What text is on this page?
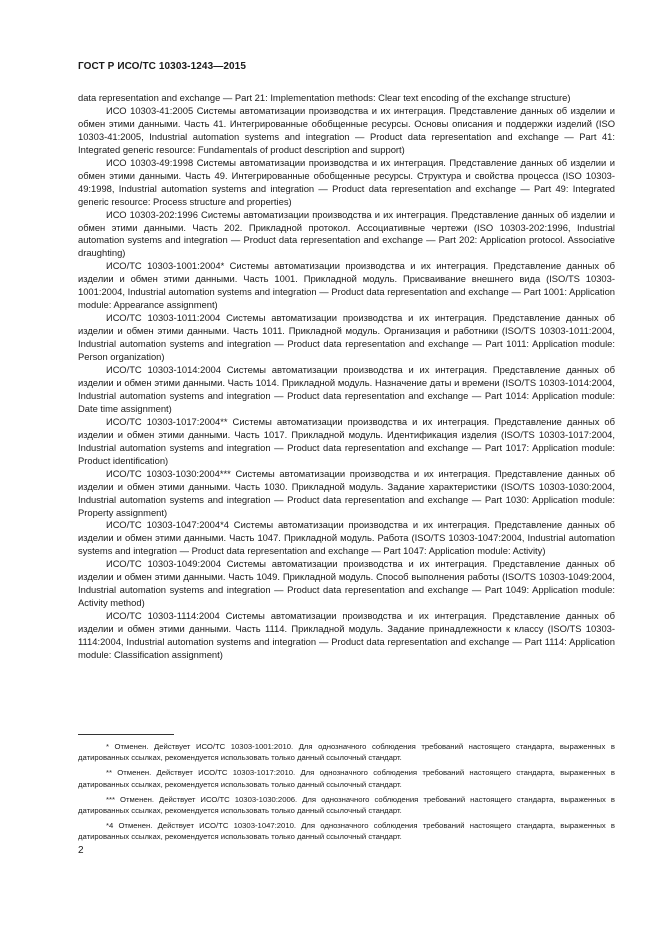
ГОСТ Р ИСО/ТС 10303-1243—2015

data representation and exchange — Part 21: Implementation methods: Clear text encoding of the exchange structure)

ИСО 10303-41:2005 Системы автоматизации производства и их интеграция. Представление данных об изделии и обмен этими данными. Часть 41. Интегрированные обобщенные ресурсы. Основы описания и поддержки изделий (ISO 10303-41:2005, Industrial automation systems and integration — Product data representation and exchange — Part 41: Integrated generic resource: Fundamentals of product description and support)

ИСО 10303-49:1998 Системы автоматизации производства и их интеграция. Представление данных об изделии и обмен этими данными. Часть 49. Интегрированные обобщенные ресурсы. Структура и свойства процесса (ISO 10303-49:1998, Industrial automation systems and integration — Product data representation and exchange — Part 49: Integrated generic resource: Process structure and properties)

ИСО 10303-202:1996 Системы автоматизации производства и их интеграция. Представление данных об изделии и обмен этими данными. Часть 202. Прикладной протокол. Ассоциативные чертежи (ISO 10303-202:1996, Industrial automation systems and integration — Product data representation and exchange — Part 202: Application protocol. Associative draughting)

ИСО/ТС 10303-1001:2004* Системы автоматизации производства и их интеграция. Представление данных об изделии и обмен этими данными. Часть 1001. Прикладной модуль. Присваивание внешнего вида (ISO/TS 10303-1001:2004, Industrial automation systems and integration — Product data representation and exchange — Part 1001: Application module: Appearance assignment)

ИСО/ТС 10303-1011:2004 Системы автоматизации производства и их интеграция. Представление данных об изделии и обмен этими данными. Часть 1011. Прикладной модуль. Организация и работники (ISO/TS 10303-1011:2004, Industrial automation systems and integration — Product data representation and exchange — Part 1011: Application module: Person organization)

ИСО/ТС 10303-1014:2004 Системы автоматизации производства и их интеграция. Представление данных об изделии и обмен этими данными. Часть 1014. Прикладной модуль. Назначение даты и времени (ISO/TS 10303-1014:2004, Industrial automation systems and integration — Product data representation and exchange — Part 1014: Application module: Date time assignment)

ИСО/ТС 10303-1017:2004** Системы автоматизации производства и их интеграция. Представление данных об изделии и обмен этими данными. Часть 1017. Прикладной модуль. Идентификация изделия (ISO/TS 10303-1017:2004, Industrial automation systems and integration — Product data representation and exchange — Part 1017: Application module: Product identification)

ИСО/ТС 10303-1030:2004*** Системы автоматизации производства и их интеграция. Представление данных об изделии и обмен этими данными. Часть 1030. Прикладной модуль. Задание характеристики (ISO/TS 10303-1030:2004, Industrial automation systems and integration — Product data representation and exchange — Part 1030: Application module: Property assignment)

ИСО/ТС 10303-1047:2004*4 Системы автоматизации производства и их интеграция. Представление данных об изделии и обмен этими данными. Часть 1047. Прикладной модуль. Работа (ISO/TS 10303-1047:2004, Industrial automation systems and integration — Product data representation and exchange — Part 1047: Application module: Activity)

ИСО/ТС 10303-1049:2004 Системы автоматизации производства и их интеграция. Представление данных об изделии и обмен этими данными. Часть 1049. Прикладной модуль. Способ выполнения работы (ISO/TS 10303-1049:2004, Industrial automation systems and integration — Product data representation and exchange — Part 1049: Application module: Activity method)

ИСО/ТС 10303-1114:2004 Системы автоматизации производства и их интеграция. Представление данных об изделии и обмен этими данными. Часть 1114. Прикладной модуль. Задание принадлежности к классу (ISO/TS 10303-1114:2004, Industrial automation systems and integration — Product data representation and exchange — Part 1114: Application module: Classification assignment)

* Отменен. Действует ИСО/ТС 10303-1001:2010. Для однозначного соблюдения требований настоящего стандарта, выраженных в датированных ссылках, рекомендуется использовать только данный ссылочный стандарт.

** Отменен. Действует ИСО/ТС 10303-1017:2010. Для однозначного соблюдения требований настоящего стандарта, выраженных в датированных ссылках, рекомендуется использовать только данный ссылочный стандарт.

*** Отменен. Действует ИСО/ТС 10303-1030:2006. Для однозначного соблюдения требований настоящего стандарта, выраженных в датированных ссылках, рекомендуется использовать только данный ссылочный стандарт.

*4 Отменен. Действует ИСО/ТС 10303-1047:2010. Для однозначного соблюдения требований настоящего стандарта, выраженных в датированных ссылках, рекомендуется использовать только данный ссылочный стандарт.

2
